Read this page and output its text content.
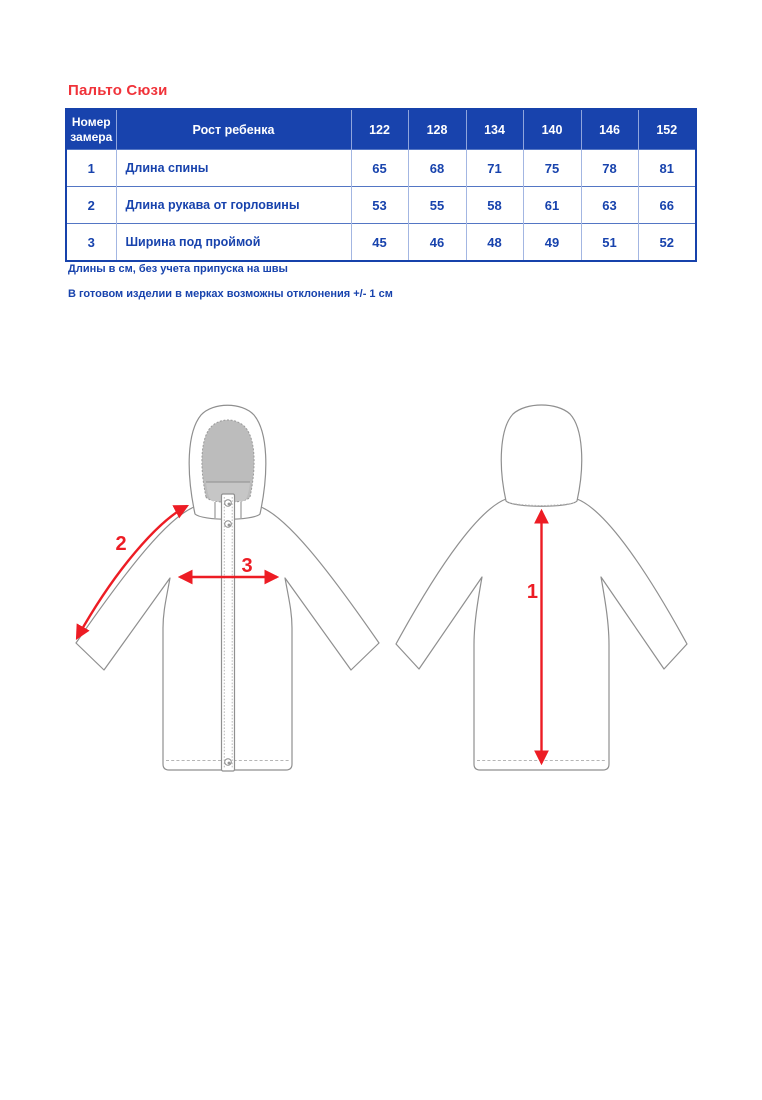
Пальто Сюзи
Номер замера	Рост ребенка	122	128	134	140	146	152
1	Длина спины	65	68	71	75	78	81
2	Длина рукава от горловины	53	55	58	61	63	66
3	Ширина под проймой	45	46	48	49	51	52

Длины в см, без учета припуска на швы

В готовом изделии в мерках возможны отклонения +/- 1 см

2
3
1
